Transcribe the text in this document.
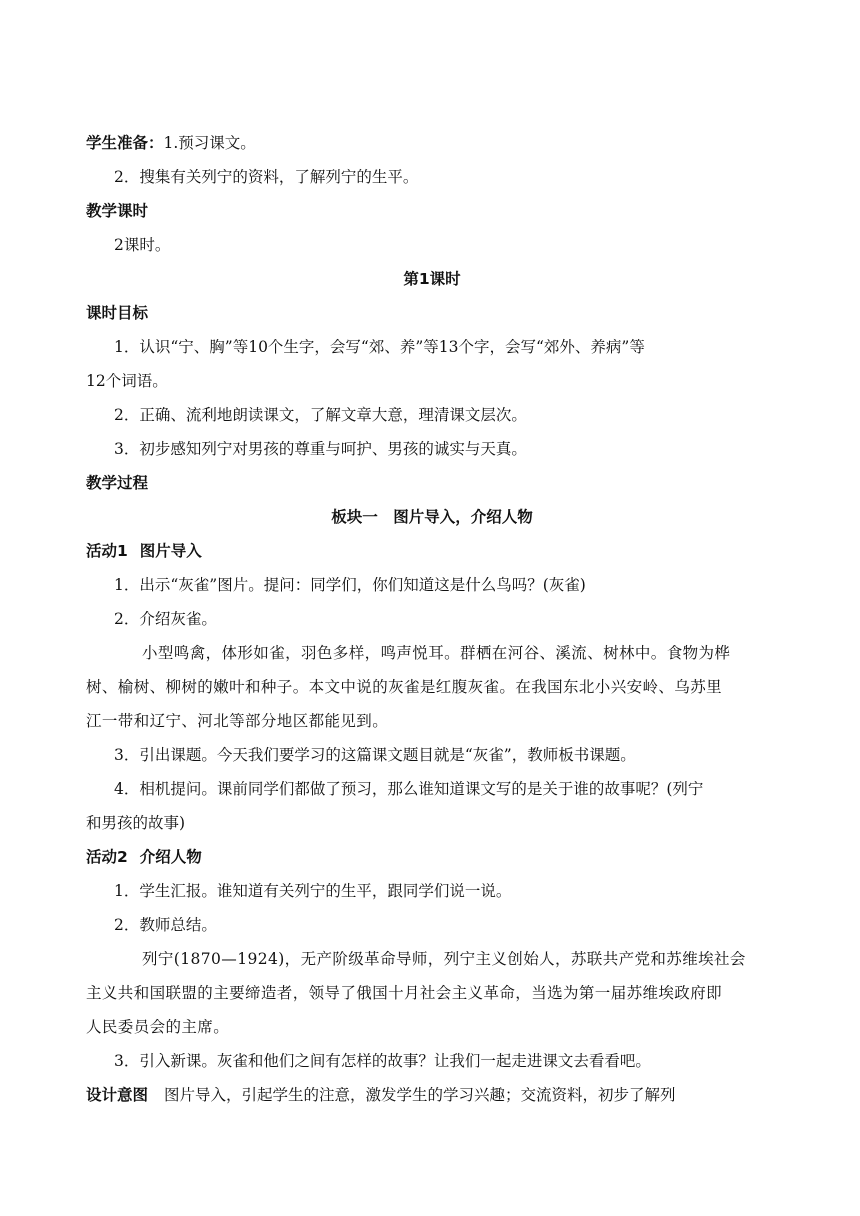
学生准备：1.预习课文。
2．搜集有关列宁的资料，了解列宁的生平。
教学课时
2课时。
第1课时
课时目标
1．认识“宁、胸”等10个生字，会写“郊、养”等13个字，会写“郊外、养病”等
12个词语。
2．正确、流利地朗读课文，了解文章大意，理清课文层次。
3．初步感知列宁对男孩的尊重与呵护、男孩的诚实与天真。
教学过程
板块一　图片导入，介绍人物
活动1 图片导入
1．出示“灰雀”图片。提问：同学们，你们知道这是什么鸟吗？(灰雀)
2．介绍灰雀。
小型鸣禽，体形如雀，羽色多样，鸣声悦耳。群栖在河谷、溪流、树林中。食物为桦
树、榆树、柳树的嫩叶和种子。本文中说的灰雀是红腹灰雀。在我国东北小兴安岭、乌苏里
江一带和辽宁、河北等部分地区都能见到。
3．引出课题。今天我们要学习的这篇课文题目就是“灰雀”，教师板书课题。
4．相机提问。课前同学们都做了预习，那么谁知道课文写的是关于谁的故事呢？(列宁
和男孩的故事)
活动2 介绍人物
1．学生汇报。谁知道有关列宁的生平，跟同学们说一说。
2．教师总结。
列宁(1870—1924)，无产阶级革命导师，列宁主义创始人，苏联共产党和苏维埃社会
主义共和国联盟的主要缔造者，领导了俄国十月社会主义革命，当选为第一届苏维埃政府即
人民委员会的主席。
3．引入新课。灰雀和他们之间有怎样的故事？让我们一起走进课文去看看吧。
设计意图 图片导入，引起学生的注意，激发学生的学习兴趣；交流资料，初步了解列
